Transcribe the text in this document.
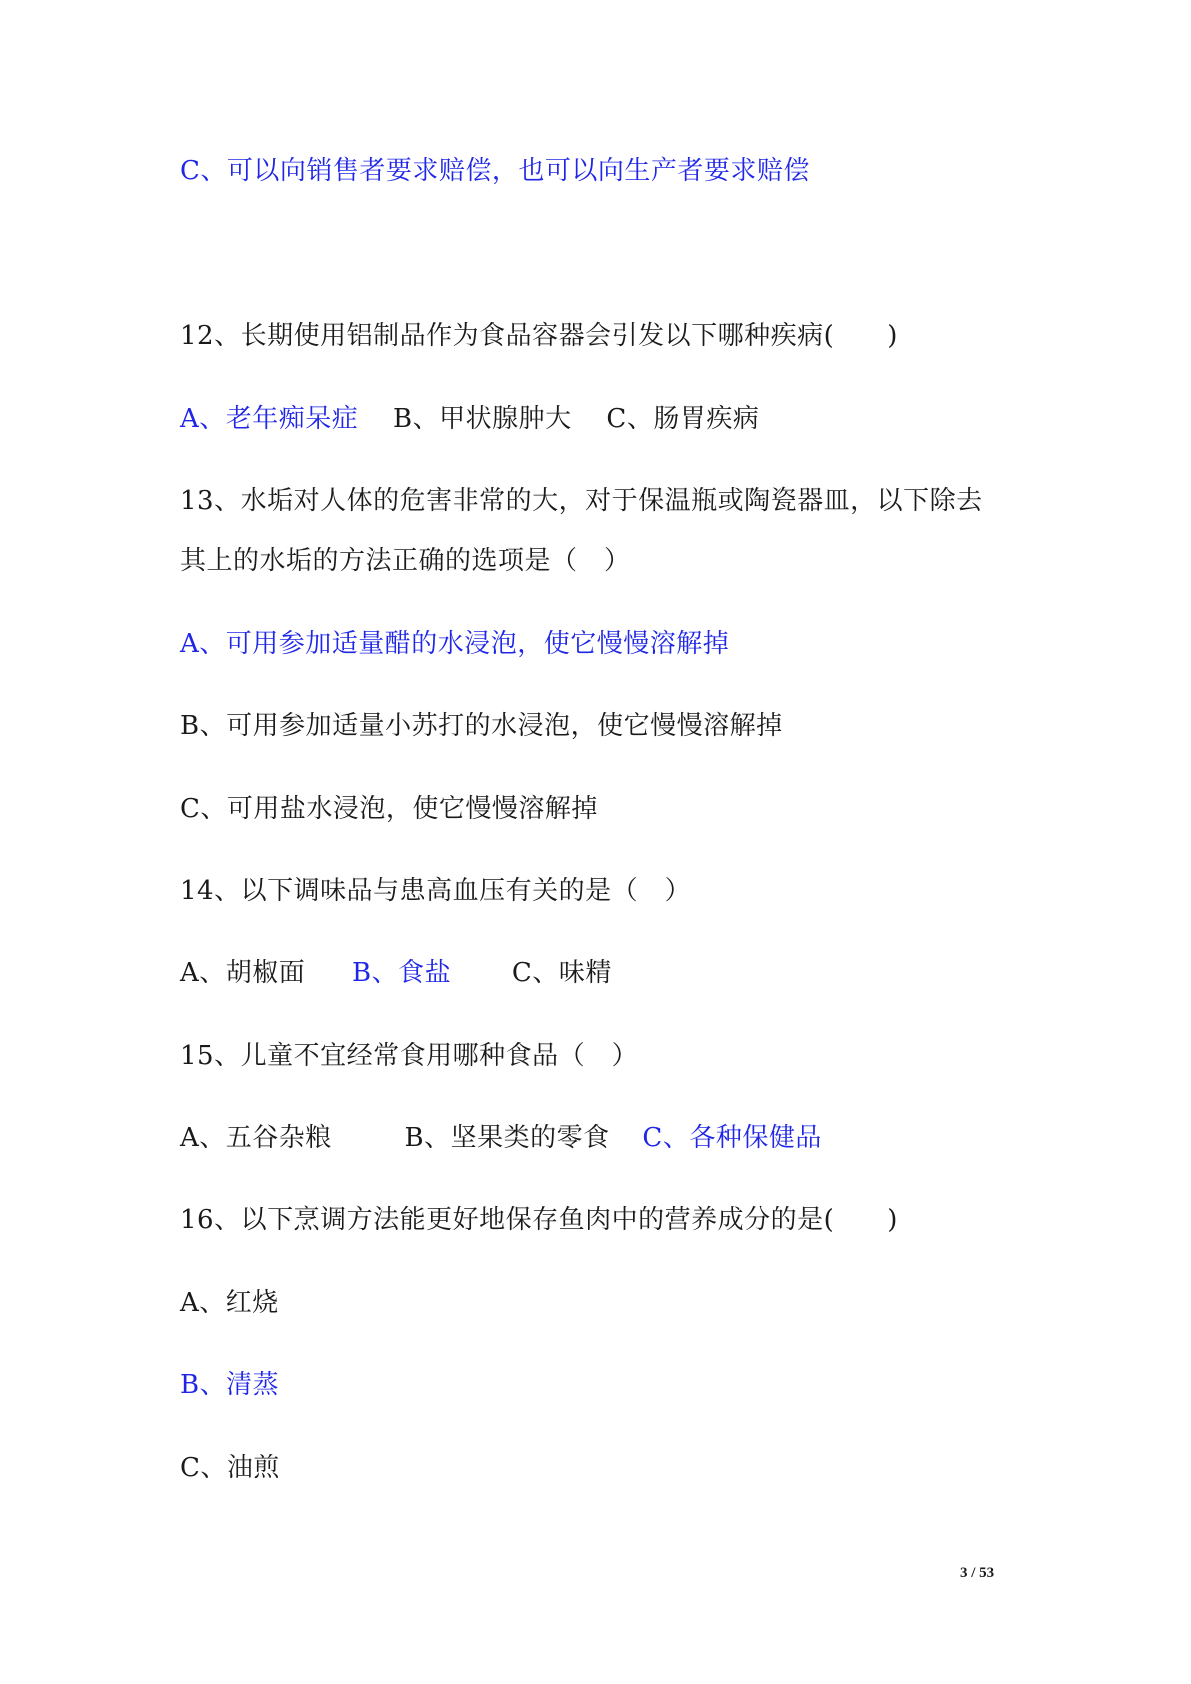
C、可以向销售者要求赔偿，也可以向生产者要求赔偿
12、长期使用铝制品作为食品容器会引发以下哪种疾病(　　)
A、老年痴呆症 B、甲状腺肿大 C、肠胃疾病
13、水垢对人体的危害非常的大，对于保温瓶或陶瓷器皿，以下除去
其上的水垢的方法正确的选项是（　）
A、可用参加适量醋的水浸泡，使它慢慢溶解掉
B、可用参加适量小苏打的水浸泡，使它慢慢溶解掉
C、可用盐水浸泡，使它慢慢溶解掉
14、以下调味品与患高血压有关的是（　）
A、胡椒面 B、食盐 C、味精
15、儿童不宜经常食用哪种食品（　）
A、五谷杂粮	B、坚果类的零食 C、各种保健品
16、以下烹调方法能更好地保存鱼肉中的营养成分的是(　　)
A、红烧
B、清蒸
C、油煎
3 / 53
